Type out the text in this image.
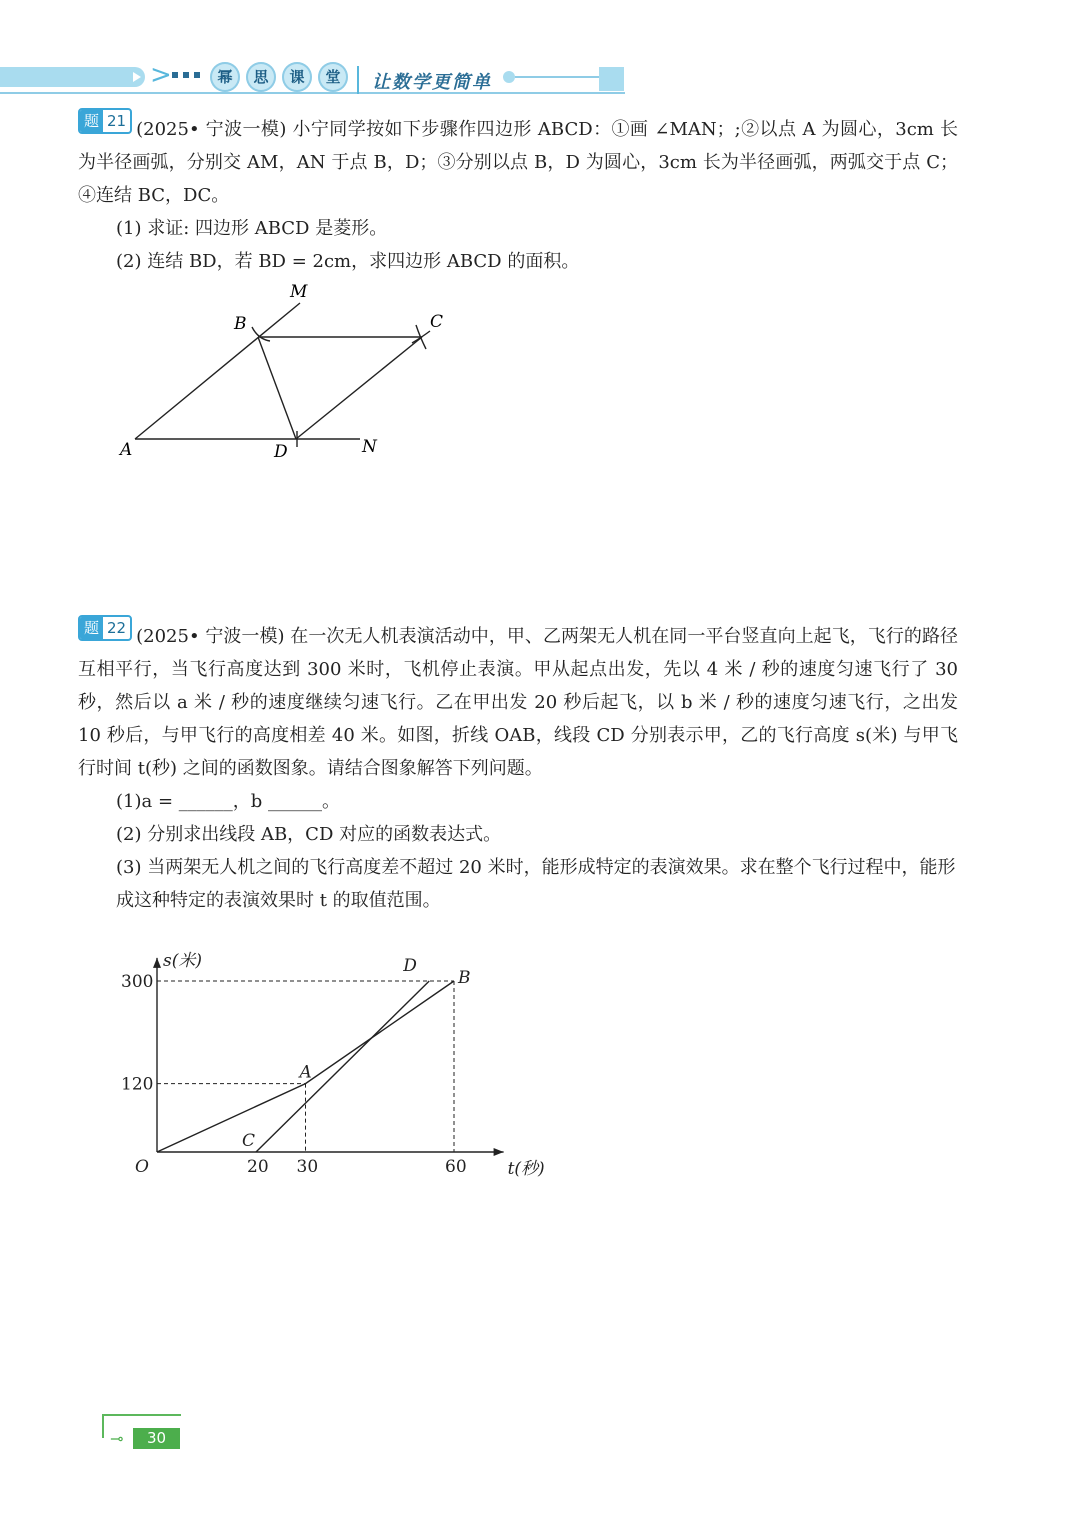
>	幂	思	课	堂	让数学更简单
题 21 (2025• 宁波一模) 小宁同学按如下步骤作四边形 ABCD：①画 ∠MAN；;②以点 A 为圆心，3cm 长为半径画弧，分别交 AM，AN 于点 B，D；③分别以点 B，D 为圆心，3cm 长为半径画弧，两弧交于点 C；④连结 BC，DC。
(1) 求证: 四边形 ABCD 是菱形。
(2) 连结 BD，若 BD = 2cm，求四边形 ABCD 的面积。
M
B	C
A	D	N
题 22 (2025• 宁波一模) 在一次无人机表演活动中，甲、乙两架无人机在同一平台竖直向上起飞，飞行的路径互相平行，当飞行高度达到 300 米时，飞机停止表演。甲从起点出发，先以 4 米 / 秒的速度匀速飞行了 30 秒，然后以 a 米 / 秒的速度继续匀速飞行。乙在甲出发 20 秒后起飞，以 b 米 / 秒的速度匀速飞行，之出发 10 秒后，与甲飞行的高度相差 40 米。如图，折线 OAB，线段 CD 分别表示甲，乙的飞行高度 s(米) 与甲飞行时间 t(秒) 之间的函数图象。请结合图象解答下列问题。
(1)a = ______，b ______。
(2) 分别求出线段 AB，CD 对应的函数表达式。
(3) 当两架无人机之间的飞行高度差不超过 20 米时，能形成特定的表演效果。求在整个飞行过程中，能形成这种特定的表演效果时 t 的取值范围。
t(秒)
s(米)
O	20 30	60
120
300
A
B
C
D
⊸	30
